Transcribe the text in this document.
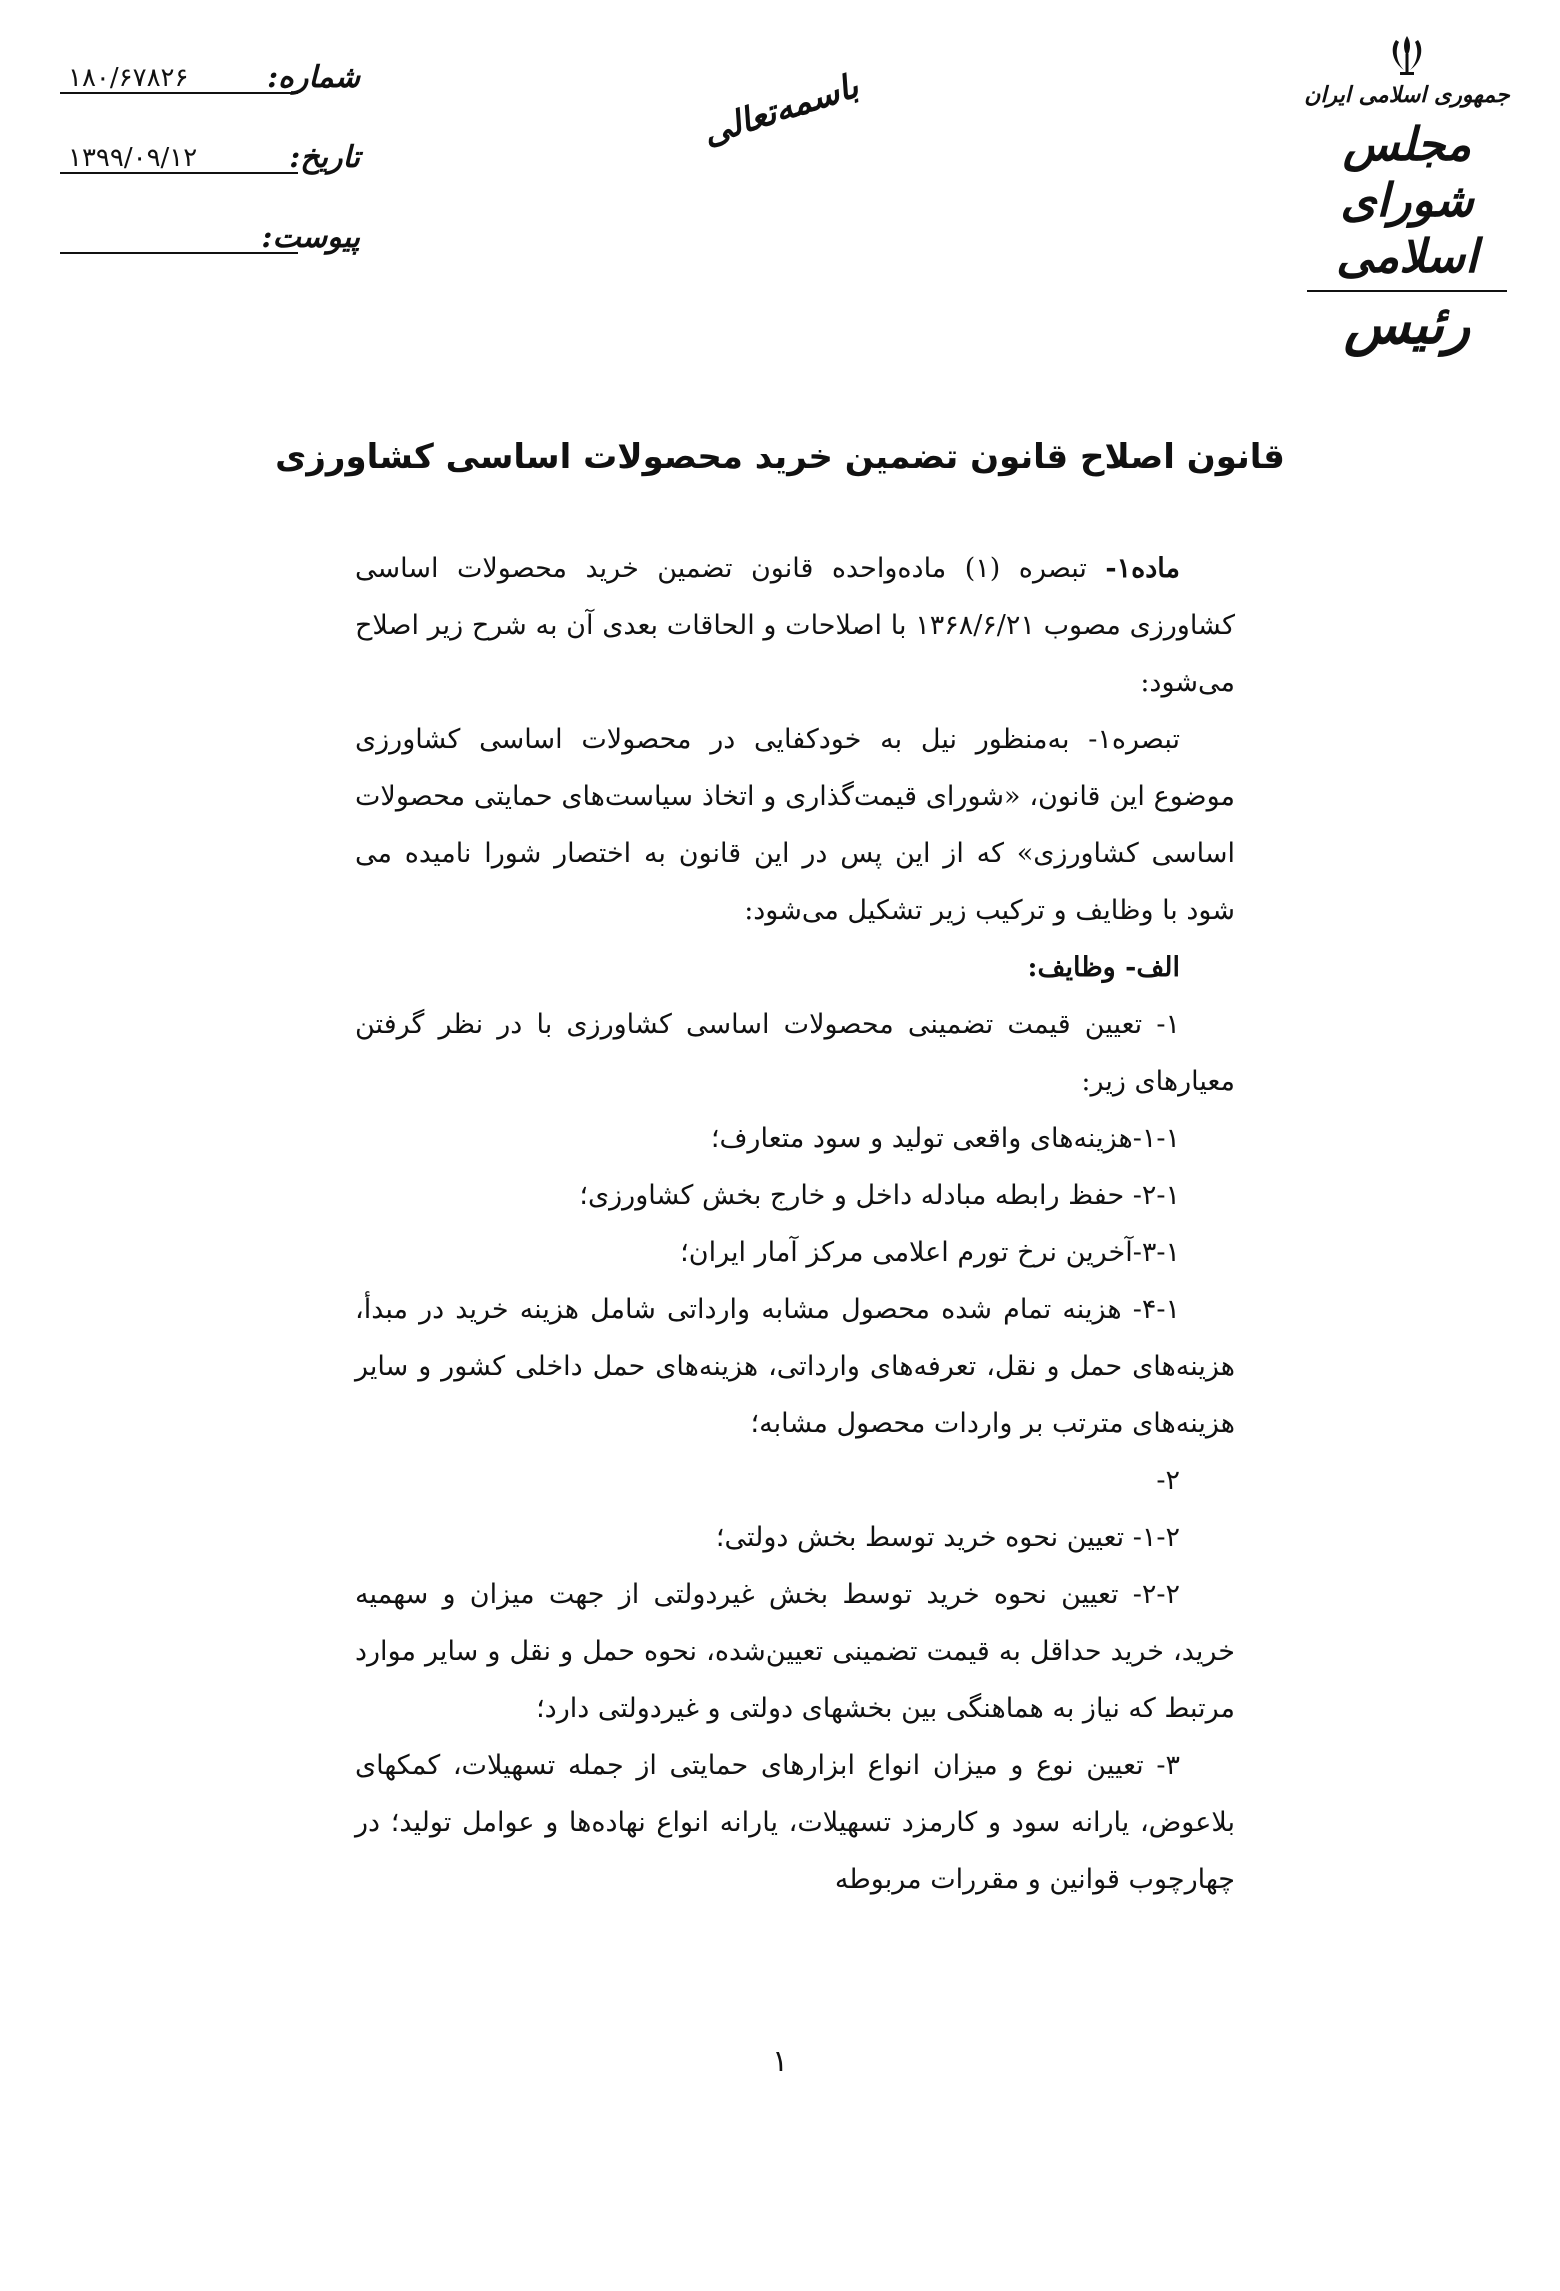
شماره:
۱۸۰/۶۷۸۲۶
تاریخ:
۱۳۹۹/۰۹/۱۲
پیوست:
باسمه‌تعالی	جمهوری اسلامی ایران
مجلس شورای اسلامی
رئیس
قانون اصلاح قانون تضمین خرید محصولات اساسی کشاورزی

ماده۱- تبصره (۱) ماده‌واحده قانون تضمین خرید محصولات اساسی کشاورزی مصوب ۱۳۶۸/۶/۲۱ با اصلاحات و الحاقات بعدی آن به شرح زیر اصلاح می‌شود:

تبصره۱- به‌منظور نیل به خودکفایی در محصولات اساسی کشاورزی موضوع این قانون، «شورای قیمت‌گذاری و اتخاذ سیاست‌های حمایتی محصولات اساسی کشاورزی» که از این پس در این قانون به اختصار شورا نامیده می شود با وظایف و ترکیب زیر تشکیل می‌شود:

الف- وظایف:

۱- تعیین قیمت تضمینی محصولات اساسی کشاورزی با در نظر گرفتن معیارهای زیر:

۱-۱-هزینه‌های واقعی تولید و سود متعارف؛

۲-۱- حفظ رابطه مبادله داخل و خارج بخش کشاورزی؛

۳-۱-آخرین نرخ تورم اعلامی مرکز آمار ایران؛

۴-۱- هزینه تمام شده محصول مشابه وارداتی شامل هزینه خرید در مبدأ، هزینه‌های حمل و نقل، تعرفه‌های وارداتی، هزینه‌های حمل داخلی کشور و سایر هزینه‌های مترتب بر واردات محصول مشابه؛

۲-

۱-۲- تعیین نحوه خرید توسط بخش دولتی؛

۲-۲- تعیین نحوه خرید توسط بخش غیردولتی از جهت میزان و سهمیه خرید، خرید حداقل به قیمت تضمینی تعیین‌شده، نحوه حمل و نقل و سایر موارد مرتبط که نیاز به هماهنگی بین بخشهای دولتی و غیردولتی دارد؛

۳- تعیین نوع و میزان انواع ابزارهای حمایتی از جمله تسهیلات، کمکهای بلاعوض، یارانه سود و کارمزد تسهیلات، یارانه انواع نهاده‌ها و عوامل تولید؛ در چهارچوب قوانین و مقررات مربوطه

۱
